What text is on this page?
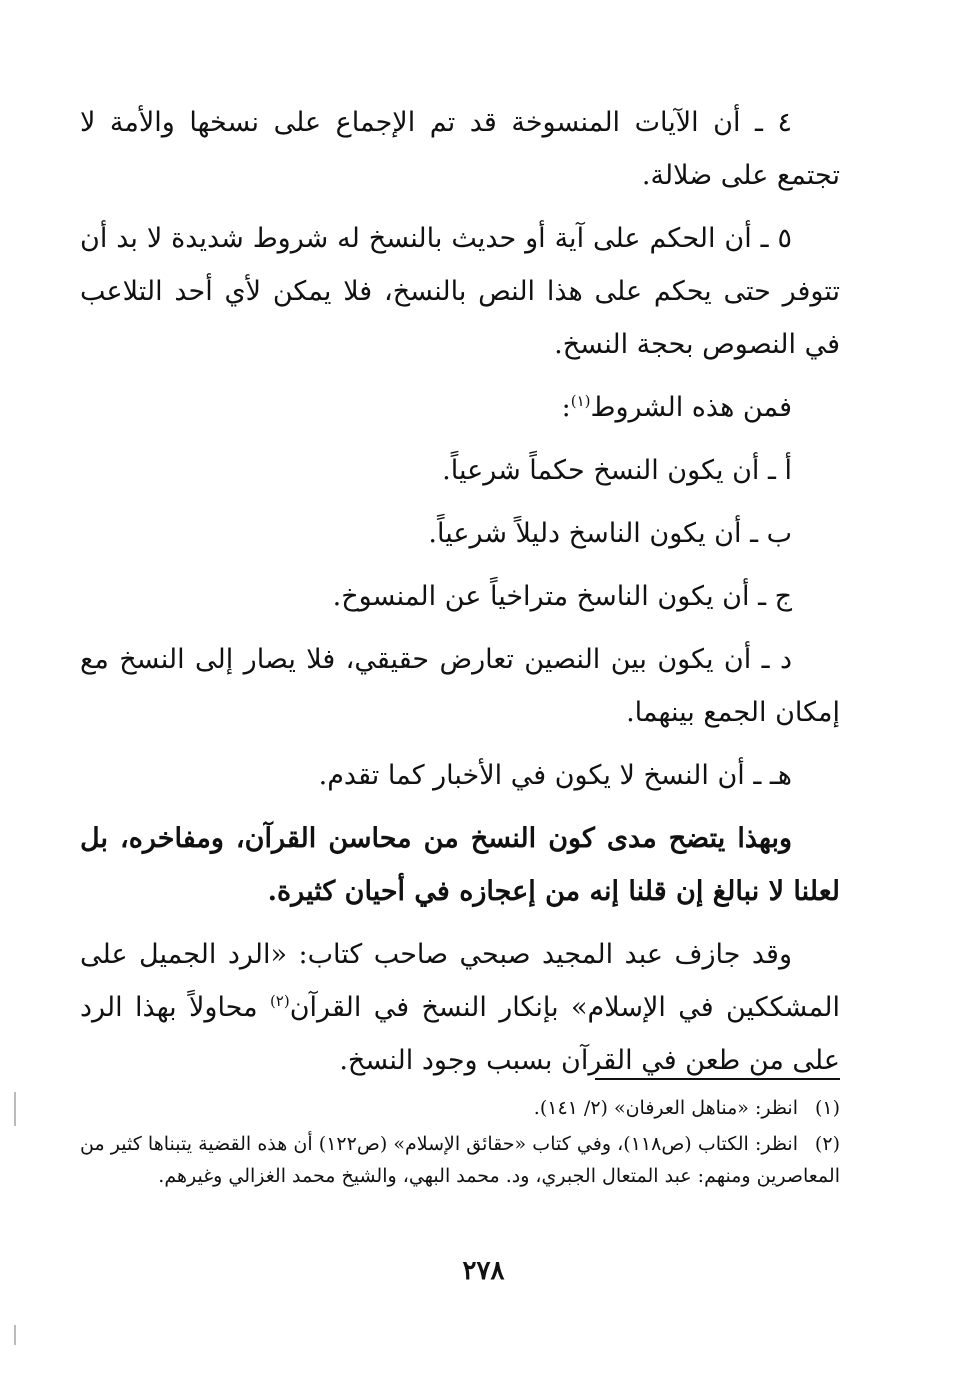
٤ ـ أن الآيات المنسوخة قد تم الإجماع على نسخها والأمة لا تجتمع على ضلالة.

٥ ـ أن الحكم على آية أو حديث بالنسخ له شروط شديدة لا بد أن تتوفر حتى يحكم على هذا النص بالنسخ، فلا يمكن لأي أحد التلاعب في النصوص بحجة النسخ.

فمن هذه الشروط$^{(١)}$:

أ ـ أن يكون النسخ حكماً شرعياً.

ب ـ أن يكون الناسخ دليلاً شرعياً.

ج ـ أن يكون الناسخ متراخياً عن المنسوخ.

د ـ أن يكون بين النصين تعارض حقيقي، فلا يصار إلى النسخ مع إمكان الجمع بينهما.

هـ ـ أن النسخ لا يكون في الأخبار كما تقدم.

وبهذا يتضح مدى كون النسخ من محاسن القرآن، ومفاخره، بل لعلنا لا نبالغ إن قلنا إنه من إعجازه في أحيان كثيرة.

وقد جازف عبد المجيد صبحي صاحب كتاب: «الرد الجميل على المشككين في الإسلام» بإنكار النسخ في القرآن$^{(٢)}$ محاولاً بهذا الرد على من طعن في القرآن بسبب وجود النسخ.

(١)انظر: «مناهل العرفان» (٢/ ١٤١).

(٢)انظر: الكتاب (ص١١٨)، وفي كتاب «حقائق الإسلام» (ص١٢٢) أن هذه القضية يتبناها كثير من المعاصرين ومنهم: عبد المتعال الجبري، ود. محمد البهي، والشيخ محمد الغزالي وغيرهم.

٢٧٨
